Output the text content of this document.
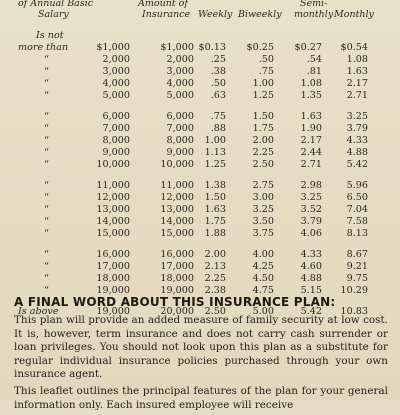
of Annual Basic
Salary
Amount of
Insurance Weekly Biweekly
Semi-
monthly Monthly
Is not
more than	$1,000	$1,000 $0.13	$0.25	$0.27	$0.54
“	2,000	2,000	.25	.50	.54	1.08
“	3,000	3,000	.38	.75	.81	1.63
“	4,000	4,000	.50	1.00	1.08	2.17
“	5,000	5,000	.63	1.25	1.35	2.71
“	6,000	6,000	.75	1.50	1.63	3.25
“	7,000	7,000	.88	1.75	1.90	3.79
“	8,000	8,000	1.00	2.00	2.17	4.33
“	9,000	9,000	1.13	2.25	2.44	4.88
“	10,000	10,000	1.25	2.50	2.71	5.42
“	11,000	11,000	1.38	2.75	2.98	5.96
“	12,000	12,000	1.50	3.00	3.25	6.50
“	13,000	13,000	1.63	3.25	3.52	7.04
“	14,000	14,000	1.75	3.50	3.79	7.58
“	15,000	15,000	1.88	3.75	4.06	8.13
“	16,000	16,000	2.00	4.00	4.33	8.67
“	17,000	17,000	2.13	4.25	4.60	9.21
“	18,000	18,000	2.25	4.50	4.88	9.75
“	19,000	19,000	2.38	4.75	5.15	10.29
Is above	19,000	20,000	2.50	5.00	5.42	10.83
A FINAL WORD ABOUT THIS INSURANCE PLAN:

This plan will provide an added measure of family security at low cost. It is, however, term insurance and does not carry cash surrender or loan privileges. You should not look upon this plan as a substitute for regular individual insurance policies purchased through your own insurance agent.

This leaflet outlines the principal features of the plan for your general information only. Each insured employee will receive
